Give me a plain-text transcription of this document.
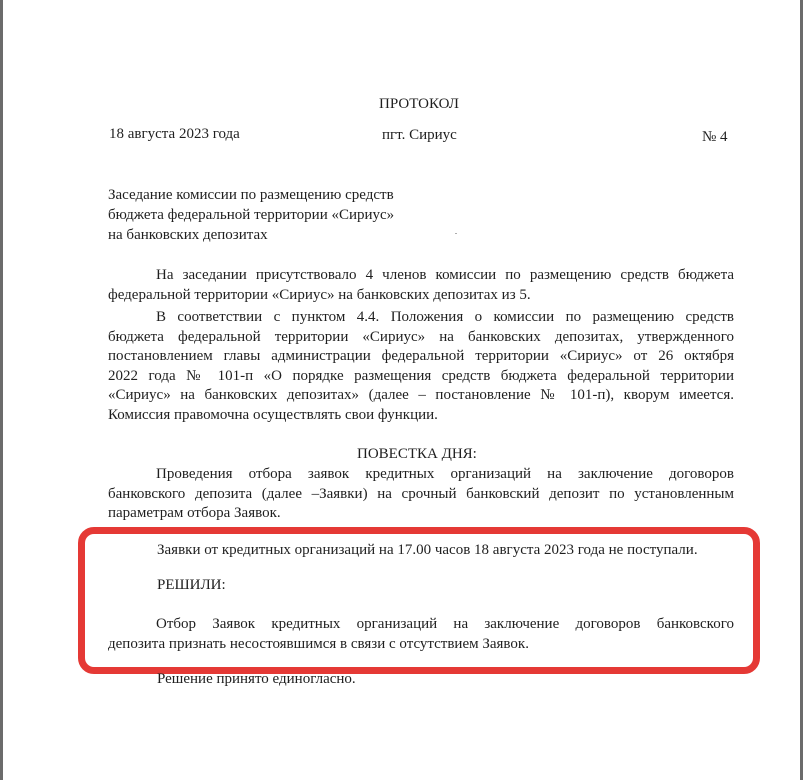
ПРОТОКОЛ
18 августа 2023 года	пгт. Сириус	№ 4
Заседание комиссии по размещению средств
бюджета федеральной территории «Сириус»
на банковских депозитах	.
На заседании присутствовало 4 членов комиссии по размещению средств бюджета
федеральной территории «Сириус» на банковских депозитах из 5.
В соответствии с пунктом 4.4. Положения о комиссии по размещению средств
бюджета федеральной территории «Сириус» на банковских депозитах, утвержденного
постановлением главы администрации федеральной территории «Сириус» от 26 октября
2022 года № 101-п «О порядке размещения средств бюджета федеральной территории
«Сириус» на банковских депозитах» (далее – постановление № 101-п), кворум имеется.
Комиссия правомочна осуществлять свои функции.
ПОВЕСТКА ДНЯ:
Проведения отбора заявок кредитных организаций на заключение договоров
банковского депозита (далее –Заявки) на срочный банковский депозит по установленным
параметрам отбора Заявок.
Заявки от кредитных организаций на 17.00 часов 18 августа 2023 года не поступали.
РЕШИЛИ:
Отбор Заявок кредитных организаций на заключение договоров банковского
депозита признать несостоявшимся в связи с отсутствием Заявок.
Решение принято единогласно.
